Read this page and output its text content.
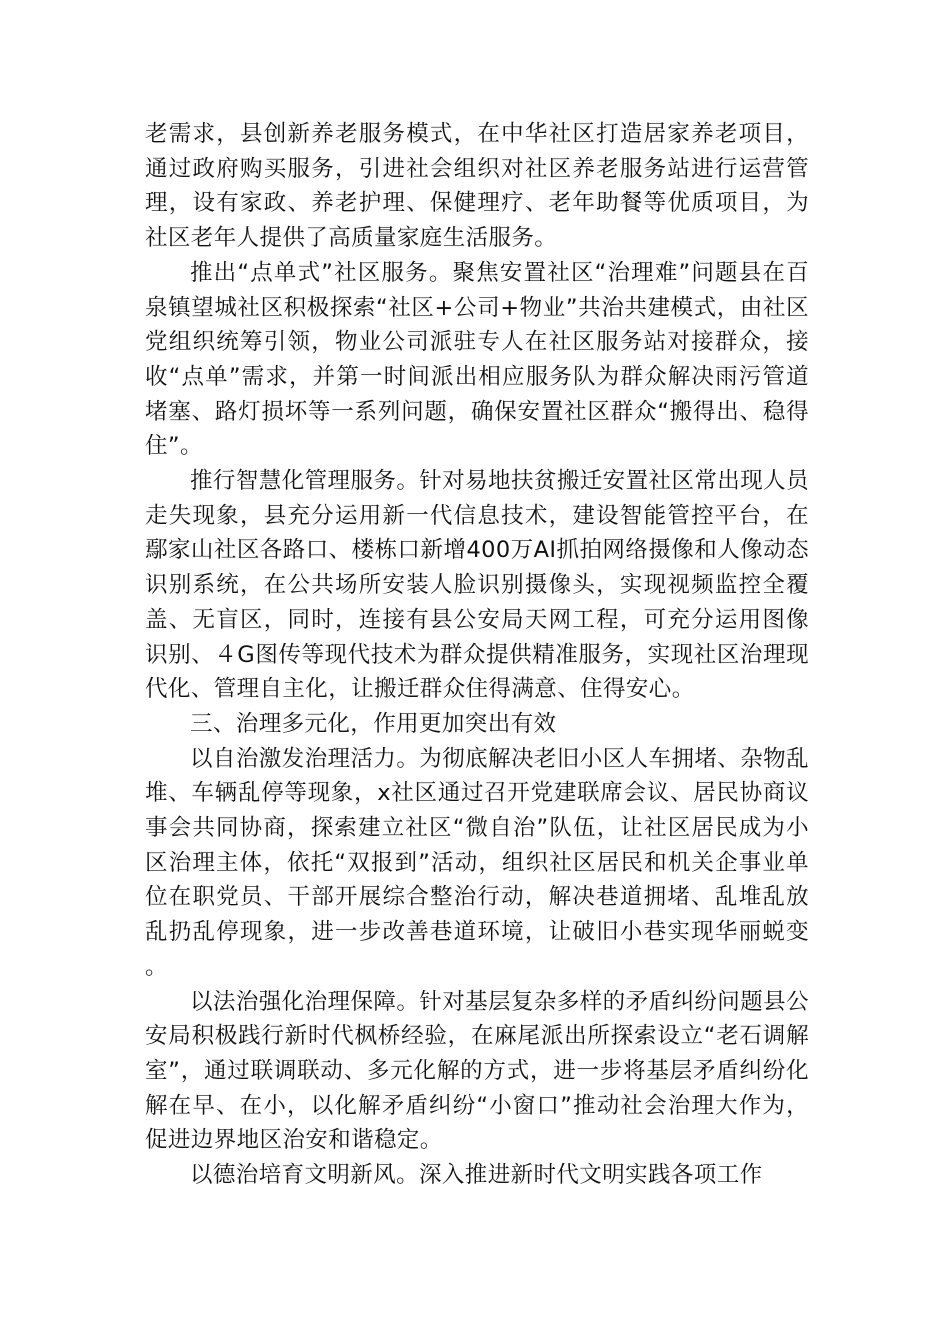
老需求，县创新养老服务模式，在中华社区打造居家养老项目，通过政府购买服务，引进社会组织对社区养老服务站进行运营管理，设有家政、养老护理、保健理疗、老年助餐等优质项目，为社区老年人提供了高质量家庭生活服务。

推出“点单式”社区服务。聚焦安置社区“治理难”问题县在百泉镇望城社区积极探索“社区+公司+物业”共治共建模式，由社区党组织统筹引领，物业公司派驻专人在社区服务站对接群众，接收“点单”需求，并第一时间派出相应服务队为群众解决雨污管道堵塞、路灯损坏等一系列问题，确保安置社区群众“搬得出、稳得住”。

推行智慧化管理服务。针对易地扶贫搬迁安置社区常出现人员走失现象，县充分运用新一代信息技术，建设智能管控平台，在鄢家山社区各路口、楼栋口新增400万AI抓拍网络摄像和人像动态识别系统，在公共场所安装人脸识别摄像头，实现视频监控全覆盖、无盲区，同时，连接有县公安局天网工程，可充分运用图像识别、４G图传等现代技术为群众提供精准服务，实现社区治理现代化、管理自主化，让搬迁群众住得满意、住得安心。

三、治理多元化，作用更加突出有效

以自治激发治理活力。为彻底解决老旧小区人车拥堵、杂物乱堆、车辆乱停等现象，x社区通过召开党建联席会议、居民协商议事会共同协商，探索建立社区“微自治”队伍，让社区居民成为小区治理主体，依托“双报到”活动，组织社区居民和机关企事业单位在职党员、干部开展综合整治行动，解决巷道拥堵、乱堆乱放乱扔乱停现象，进一步改善巷道环境，让破旧小巷实现华丽蜕变。

以法治强化治理保障。针对基层复杂多样的矛盾纠纷问题县公安局积极践行新时代枫桥经验，在麻尾派出所探索设立“老石调解室”，通过联调联动、多元化解的方式，进一步将基层矛盾纠纷化解在早、在小，以化解矛盾纠纷“小窗口”推动社会治理大作为，促进边界地区治安和谐稳定。

以德治培育文明新风。深入推进新时代文明实践各项工作
